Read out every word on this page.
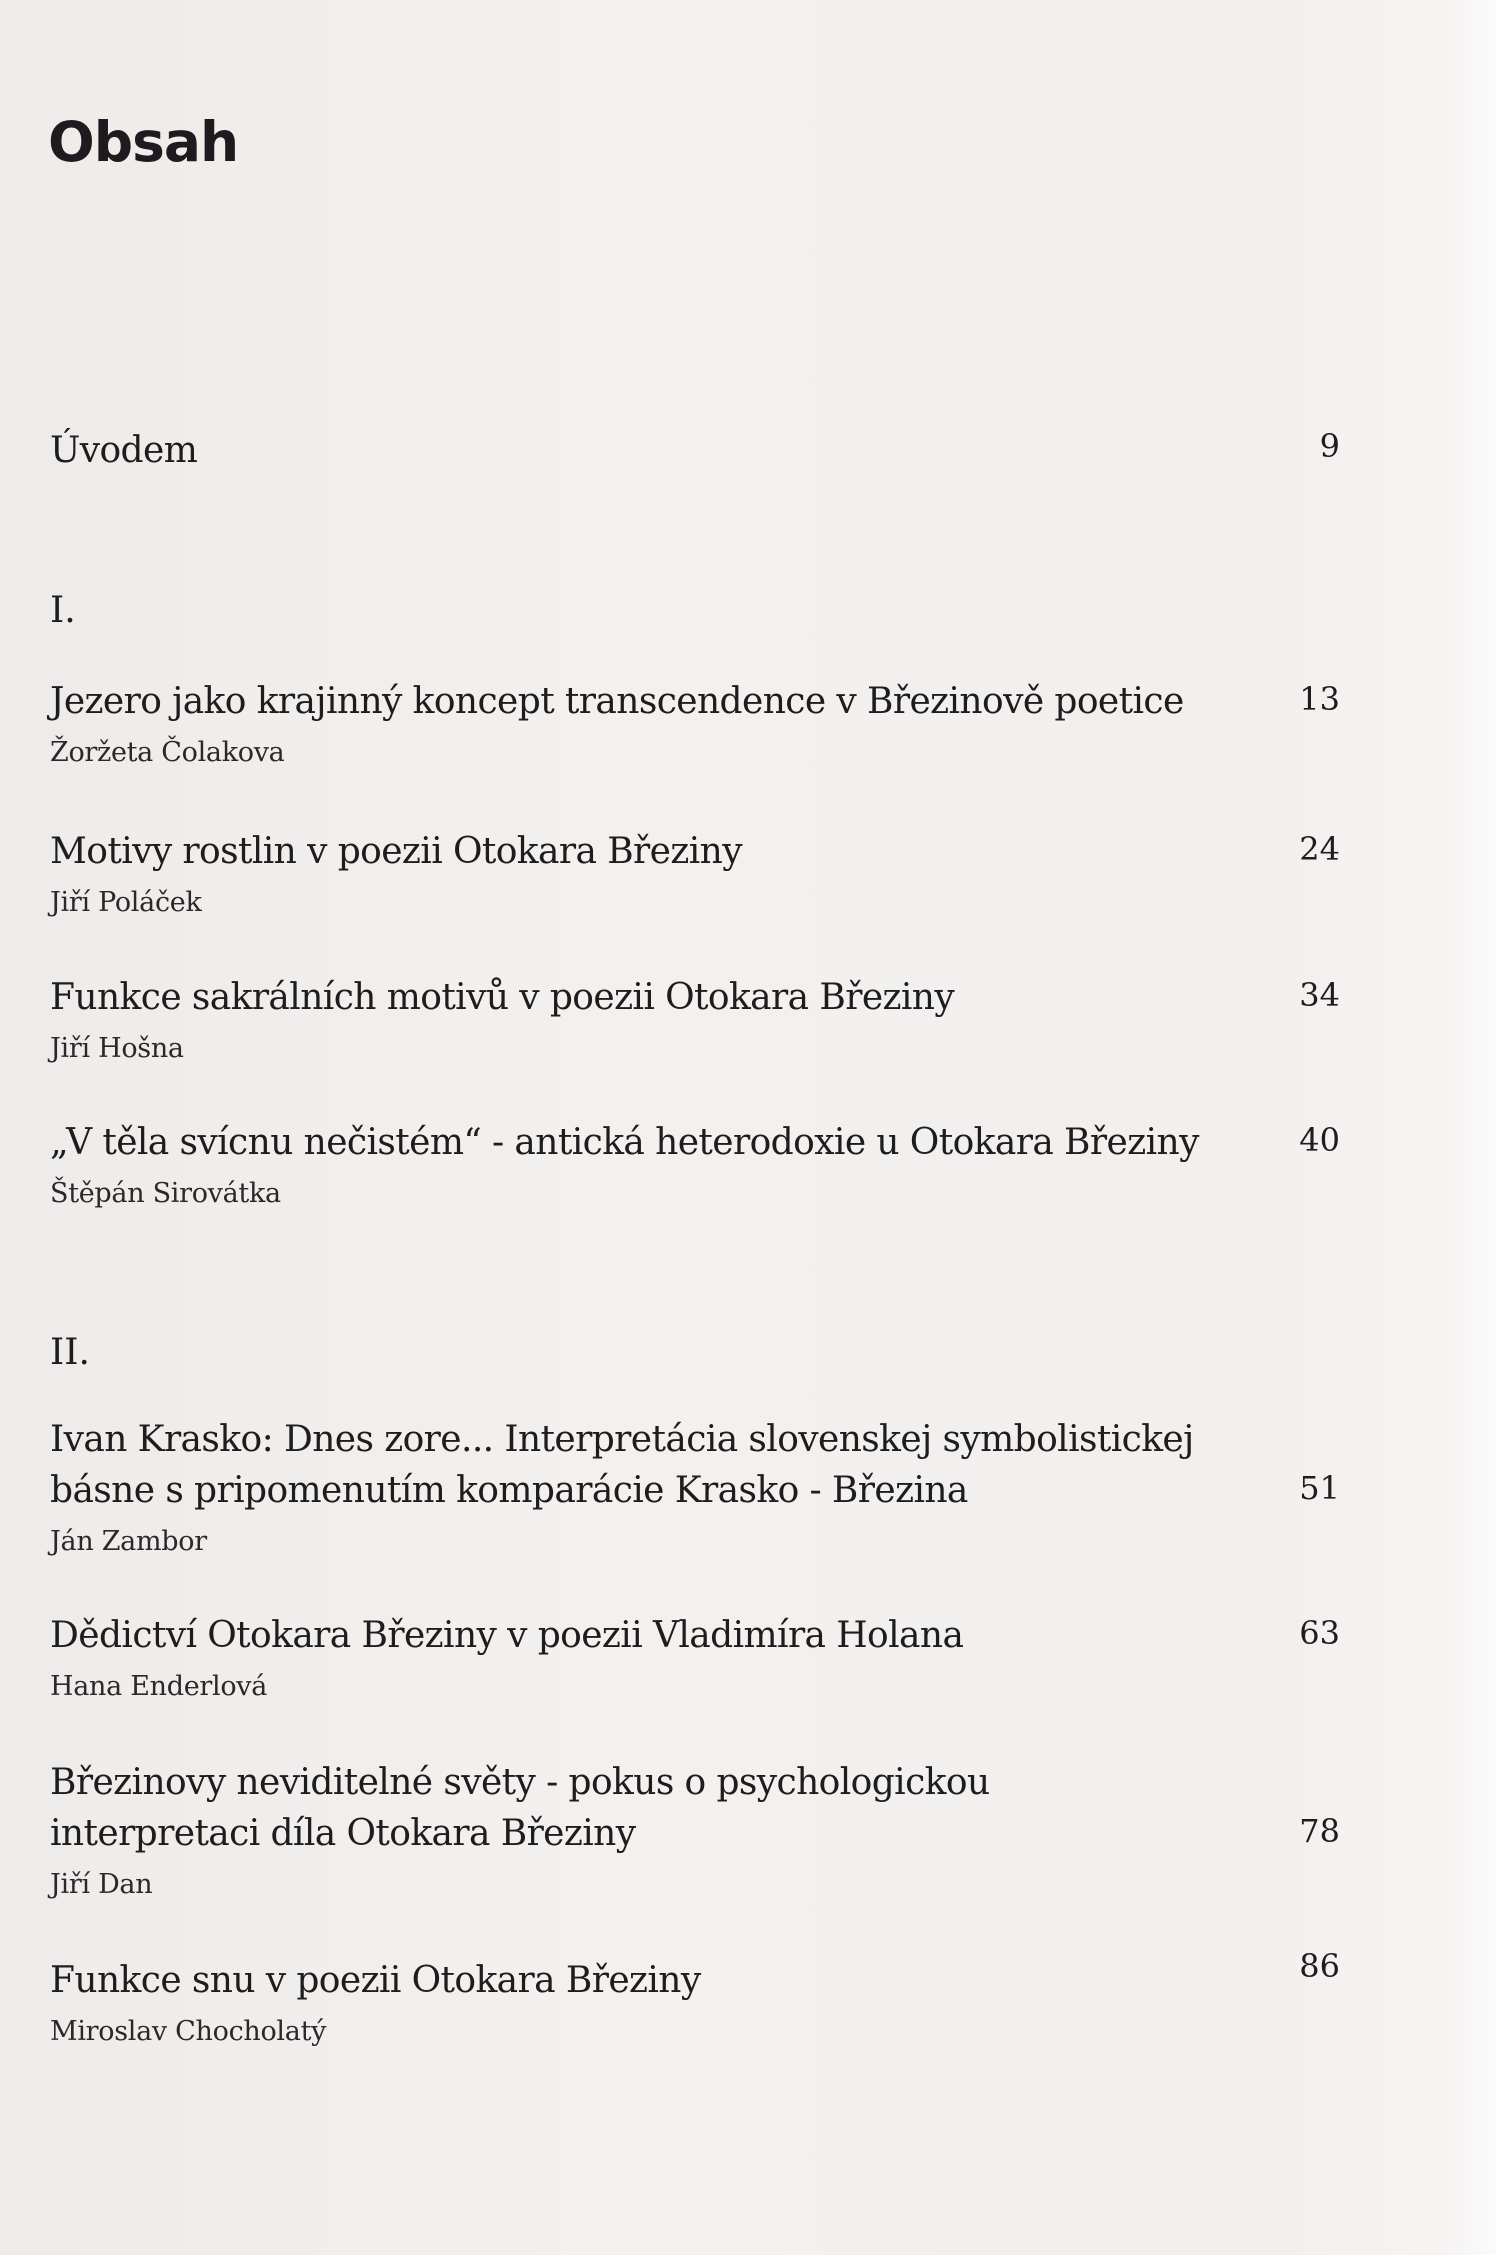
Obsah
Úvodem	9
I.
Jezero jako krajinný koncept transcendence v Březinově poetice
Žoržeta Čolakova
13
Motivy rostlin v poezii Otokara Březiny
Jiří Poláček
24
Funkce sakrálních motivů v poezii Otokara Březiny
Jiří Hošna
34
„V těla svícnu nečistém“ - antická heterodoxie u Otokara Březiny
Štěpán Sirovátka
40
II.
Ivan Krasko: Dnes zore... Interpretácia slovenskej symbolistickej
básne s pripomenutím komparácie Krasko - Březina
Ján Zambor
51
Dědictví Otokara Březiny v poezii Vladimíra Holana
Hana Enderlová
63
Březinovy neviditelné světy - pokus o psychologickou
interpretaci díla Otokara Březiny
Jiří Dan
78
Funkce snu v poezii Otokara Březiny
Miroslav Chocholatý
86
